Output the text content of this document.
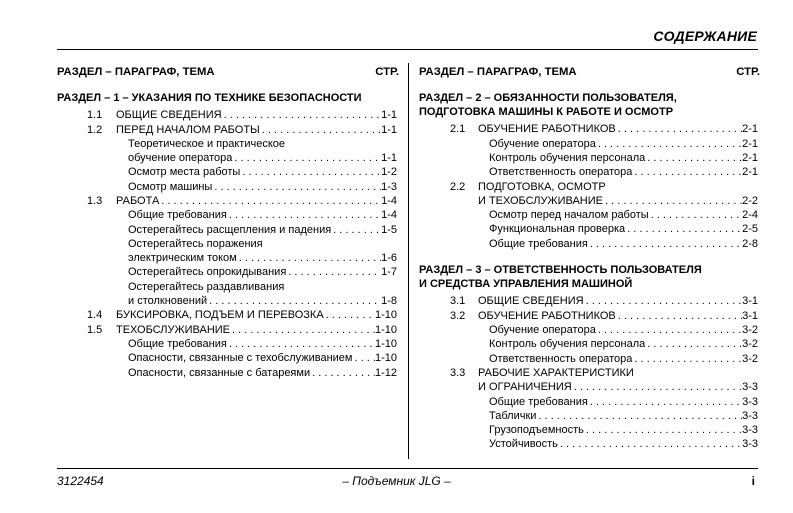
СОДЕРЖАНИЕ
РАЗДЕЛ – ПАРАГРАФ, ТЕМА	СТР.
РАЗДЕЛ – 1 – УКАЗАНИЯ ПО ТЕХНИКЕ БЕЗОПАСНОСТИ
1.1 ОБЩИЕ СВЕДЕНИЯ . . .	1-1
1.2 ПЕРЕД НАЧАЛОМ РАБОТЫ . . .	1-1
Теоретическое и практическое
обучение оператора . . .	1-1
Осмотр места работы . . .	1-2
Осмотр машины . . .	1-3
1.3 РАБОТА . . .	1-4
Общие требования . . .	1-4
Остерегайтесь расщепления и падения . . .	1-5
Остерегайтесь поражения
электрическим током . . .	1-6
Остерегайтесь опрокидывания . . .	1-7
Остерегайтесь раздавливания
и столкновений . . .	1-8
1.4 БУКСИРОВКА, ПОДЪЕМ И ПЕРЕВОЗКА . . .	1-10
1.5 ТЕХОБСЛУЖИВАНИЕ . . .	1-10
Общие требования . . .	1-10
Опасности, связанные с техобслуживанием . . . 1-10
Опасности, связанные с батареями . . .	1-12
РАЗДЕЛ – ПАРАГРАФ, ТЕМА	СТР.
РАЗДЕЛ – 2 – ОБЯЗАННОСТИ ПОЛЬЗОВАТЕЛЯ,
ПОДГОТОВКА МАШИНЫ К РАБОТЕ И ОСМОТР
2.1 ОБУЧЕНИЕ РАБОТНИКОВ . . .	2-1
Обучение оператора . . .	2-1
Контроль обучения персонала . . .	2-1
Ответственность оператора . . .	2-1
2.2 ПОДГОТОВКА, ОСМОТР
И ТЕХОБСЛУЖИВАНИЕ . . .	2-2
Осмотр перед началом работы . . .	2-4
Функциональная проверка . . .	2-5
Общие требования . . .	2-8
РАЗДЕЛ – 3 – ОТВЕТСТВЕННОСТЬ ПОЛЬЗОВАТЕЛЯ
И СРЕДСТВА УПРАВЛЕНИЯ МАШИНОЙ
3.1 ОБЩИЕ СВЕДЕНИЯ . . .	3-1
3.2 ОБУЧЕНИЕ РАБОТНИКОВ . . .	3-1
Обучение оператора . . .	3-2
Контроль обучения персонала . . .	3-2
Ответственность оператора . . .	3-2
3.3 РАБОЧИЕ ХАРАКТЕРИСТИКИ
И ОГРАНИЧЕНИЯ . . .	3-3
Общие требования . . .	3-3
Таблички . . .	3-3
Грузоподъемность . . .	3-3
Устойчивость . . .	3-3
3122454	– Подъемник JLG –	i
